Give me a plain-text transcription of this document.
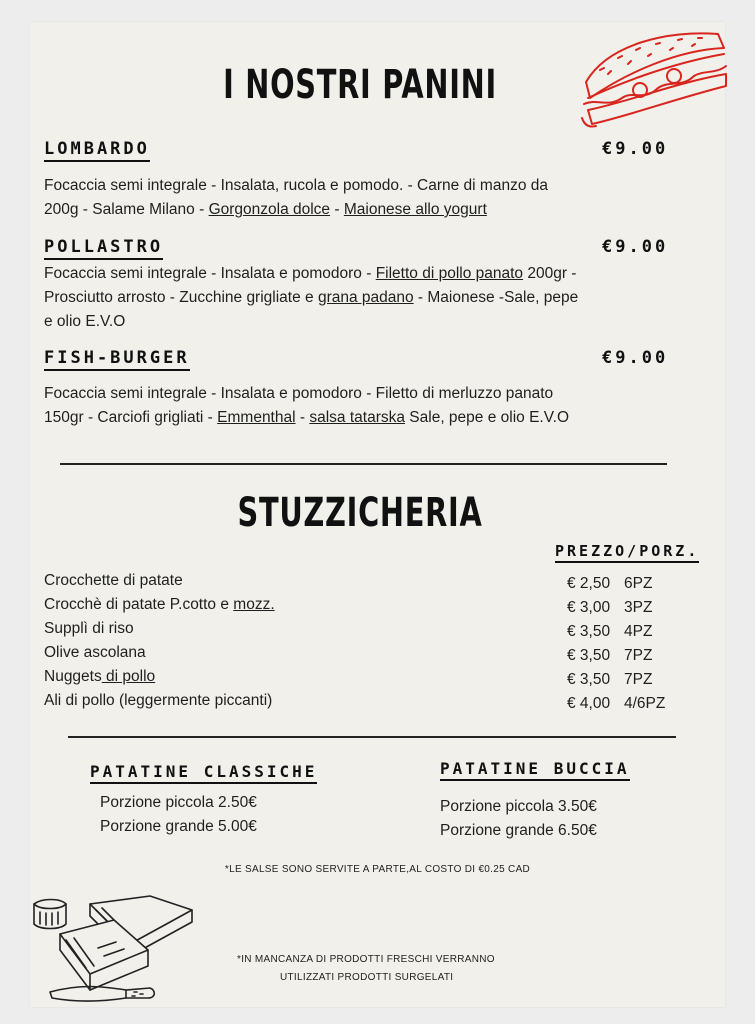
I NOSTRI PANINI
LOMBARDO	€9.00
Focaccia semi integrale - Insalata, rucola e pomodo. - Carne di manzo da 200g - Salame Milano - Gorgonzola dolce - Maionese allo yogurt
POLLASTRO	€9.00
Focaccia semi integrale - Insalata e pomodoro - Filetto di pollo panato 200gr - Prosciutto arrosto - Zucchine grigliate e grana padano - Maionese -Sale, pepe e olio E.V.O
FISH-BURGER	€9.00
Focaccia semi integrale - Insalata e pomodoro - Filetto di merluzzo panato 150gr - Carciofi grigliati - Emmenthal - salsa tatarska Sale, pepe e olio E.V.O
STUZZICHERIA
PREZZO/PORZ.
Crocchette di patate	€ 2,50 6PZ
Crocchè di patate P.cotto e mozz.	€ 3,00 3PZ
Supplì di riso	€ 3,50 4PZ
Olive ascolana	€ 3,50 7PZ
Nuggets di pollo	€ 3,50 7PZ
Ali di pollo (leggermente piccanti)	€ 4,00 4/6PZ
PATATINE CLASSICHE
Porzione piccola 2.50€
Porzione grande 5.00€
PATATINE BUCCIA
Porzione piccola 3.50€
Porzione grande 6.50€
*LE SALSE SONO SERVITE A PARTE,AL COSTO DI €0.25 CAD
*IN MANCANZA DI PRODOTTI FRESCHI VERRANNO
UTILIZZATI PRODOTTI SURGELATI
